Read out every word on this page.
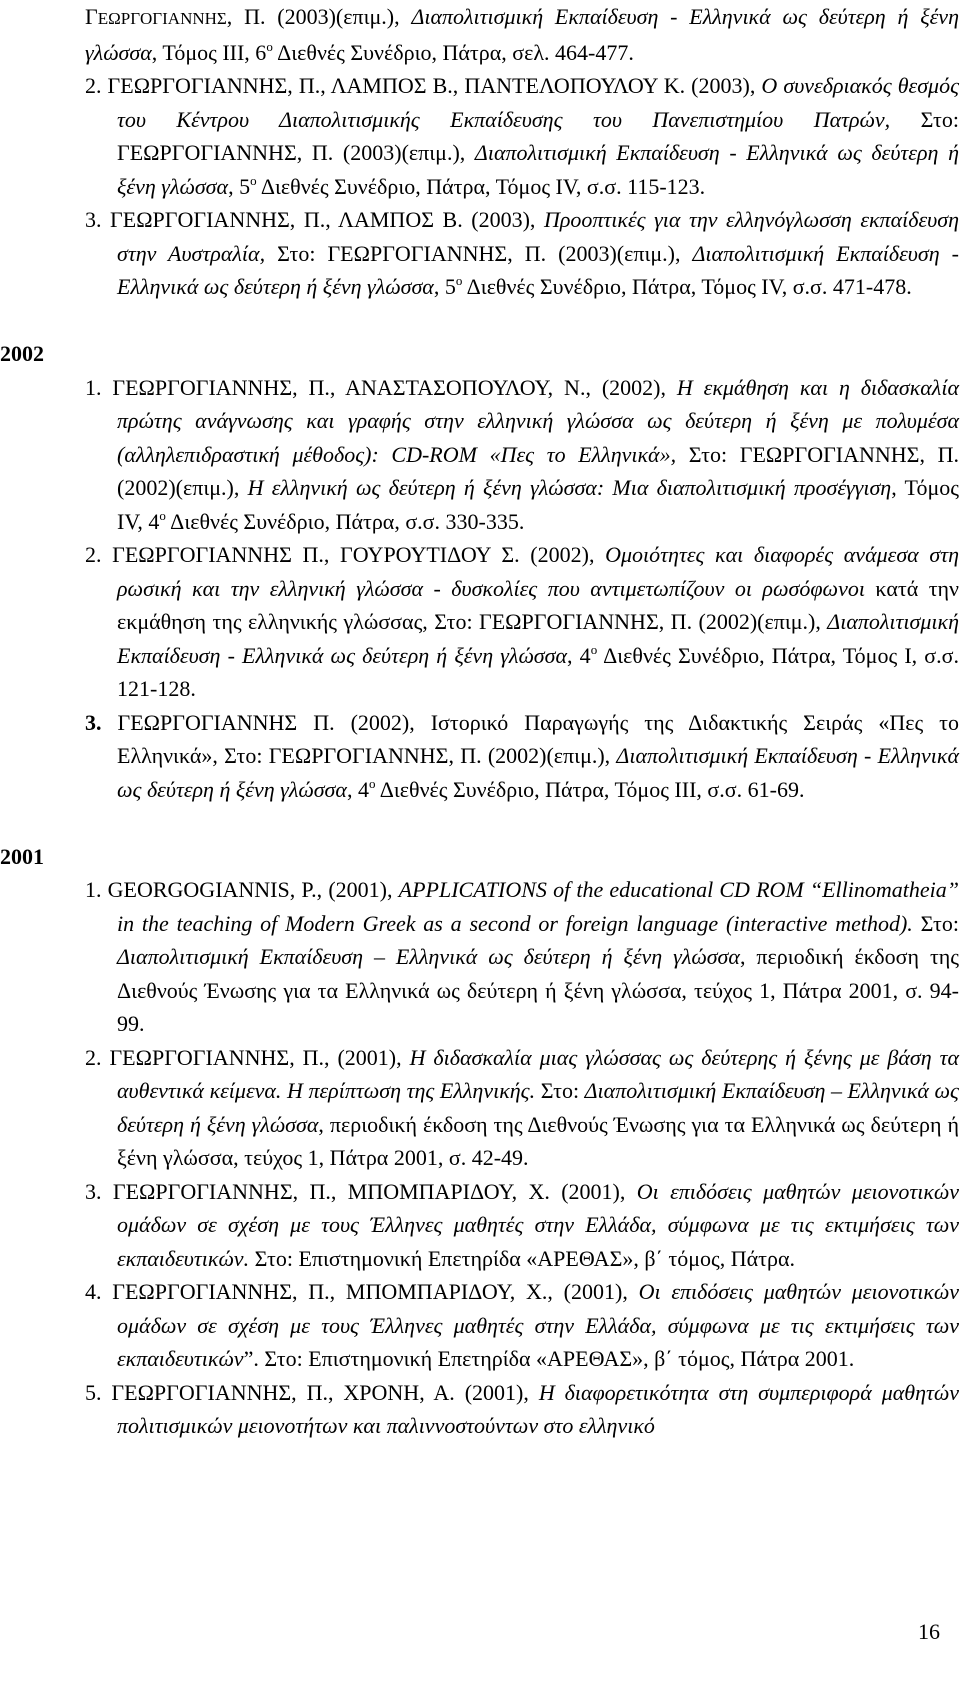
ΓΕΩΡΓΟΓΙΑΝΝΗΣ, Π. (2003)(επιμ.), Διαπολιτισμική Εκπαίδευση - Ελληνικά ως δεύτερη ή ξένη γλώσσα, Τόμος ΙΙΙ, $6^o$ Διεθνές Συνέδριο, Πάτρα, σελ. 464-477.

2. ΓΕΩΡΓΟΓΙΑΝΝΗΣ, Π., ΛΑΜΠΟΣ Β., ΠΑΝΤΕΛΟΠΟΥΛΟΥ Κ. (2003), Ο συνεδριακός θεσμός του Κέντρου Διαπολιτισμικής Εκπαίδευσης του Πανεπιστημίου Πατρών, Στο: ΓΕΩΡΓΟΓΙΑΝΝΗΣ, Π. (2003)(επιμ.), Διαπολιτισμική Εκπαίδευση - Ελληνικά ως δεύτερη ή ξένη γλώσσα, $5^o$ Διεθνές Συνέδριο, Πάτρα, Τόμος IV, σ.σ. 115-123.

3. ΓΕΩΡΓΟΓΙΑΝΝΗΣ, Π., ΛΑΜΠΟΣ Β. (2003), Προοπτικές για την ελληνόγλωσση εκπαίδευση στην Αυστραλία, Στο: ΓΕΩΡΓΟΓΙΑΝΝΗΣ, Π. (2003)(επιμ.), Διαπολιτισμική Εκπαίδευση - Ελληνικά ως δεύτερη ή ξένη γλώσσα, $5^o$ Διεθνές Συνέδριο, Πάτρα, Τόμος IV, σ.σ. 471-478.

2002

1. ΓΕΩΡΓΟΓΙΑΝΝΗΣ, Π., ΑΝΑΣΤΑΣΟΠΟΥΛΟΥ, Ν., (2002), Η εκμάθηση και η διδασκαλία πρώτης ανάγνωσης και γραφής στην ελληνική γλώσσα ως δεύτερη ή ξένη με πολυμέσα (αλληλεπιδραστική μέθοδος): CD-ROM «Πες το Ελληνικά», Στο: ΓΕΩΡΓΟΓΙΑΝΝΗΣ, Π. (2002)(επιμ.), Η ελληνική ως δεύτερη ή ξένη γλώσσα: Μια διαπολιτισμική προσέγγιση, Τόμος IV, $4^o$ Διεθνές Συνέδριο, Πάτρα, σ.σ. 330-335.

2. ΓΕΩΡΓΟΓΙΑΝΝΗΣ Π., ΓΟΥΡΟΥΤΙΔΟΥ Σ. (2002), Ομοιότητες και διαφορές ανάμεσα στη ρωσική και την ελληνική γλώσσα - δυσκολίες που αντιμετωπίζουν οι ρωσόφωνοι κατά την εκμάθηση της ελληνικής γλώσσας, Στο: ΓΕΩΡΓΟΓΙΑΝΝΗΣ, Π. (2002)(επιμ.), Διαπολιτισμική Εκπαίδευση - Ελληνικά ως δεύτερη ή ξένη γλώσσα, $4^o$ Διεθνές Συνέδριο, Πάτρα, Τόμος Ι, σ.σ. 121-128.

3. ΓΕΩΡΓΟΓΙΑΝΝΗΣ Π. (2002), Ιστορικό Παραγωγής της Διδακτικής Σειράς «Πες το Ελληνικά», Στο: ΓΕΩΡΓΟΓΙΑΝΝΗΣ, Π. (2002)(επιμ.), Διαπολιτισμική Εκπαίδευση - Ελληνικά ως δεύτερη ή ξένη γλώσσα, $4^o$ Διεθνές Συνέδριο, Πάτρα, Τόμος ΙΙΙ, σ.σ. 61-69.

2001

1. GEORGOGIANNIS, P., (2001), APPLICATIONS of the educational CD ROM “Ellinomatheia” in the teaching of Modern Greek as a second or foreign language (interactive method). Στο: Διαπολιτισμική Εκπαίδευση – Ελληνικά ως δεύτερη ή ξένη γλώσσα, περιοδική έκδοση της Διεθνούς Ένωσης για τα Ελληνικά ως δεύτερη ή ξένη γλώσσα, τεύχος 1, Πάτρα 2001, σ. 94-99.

2. ΓΕΩΡΓΟΓΙΑΝΝΗΣ, Π., (2001), Η διδασκαλία μιας γλώσσας ως δεύτερης ή ξένης με βάση τα αυθεντικά κείμενα. Η περίπτωση της Ελληνικής. Στο: Διαπολιτισμική Εκπαίδευση – Ελληνικά ως δεύτερη ή ξένη γλώσσα, περιοδική έκδοση της Διεθνούς Ένωσης για τα Ελληνικά ως δεύτερη ή ξένη γλώσσα, τεύχος 1, Πάτρα 2001, σ. 42-49.

3. ΓΕΩΡΓΟΓΙΑΝΝΗΣ, Π., ΜΠΟΜΠΑΡΙΔΟΥ, Χ. (2001), Οι επιδόσεις μαθητών μειονοτικών ομάδων σε σχέση με τους Έλληνες μαθητές στην Ελλάδα, σύμφωνα με τις εκτιμήσεις των εκπαιδευτικών. Στο: Επιστημονική Επετηρίδα «ΑΡΕΘΑΣ», β΄ τόμος, Πάτρα.

4. ΓΕΩΡΓΟΓΙΑΝΝΗΣ, Π., ΜΠΟΜΠΑΡΙΔΟΥ, Χ., (2001), Οι επιδόσεις μαθητών μειονοτικών ομάδων σε σχέση με τους Έλληνες μαθητές στην Ελλάδα, σύμφωνα με τις εκτιμήσεις των εκπαιδευτικών”. Στο: Επιστημονική Επετηρίδα «ΑΡΕΘΑΣ», β΄ τόμος, Πάτρα 2001.

5. ΓΕΩΡΓΟΓΙΑΝΝΗΣ, Π., ΧΡΟΝΗ, Α. (2001), Η διαφορετικότητα στη συμπεριφορά μαθητών πολιτισμικών μειονοτήτων και παλιννοστούντων στο ελληνικό

16
